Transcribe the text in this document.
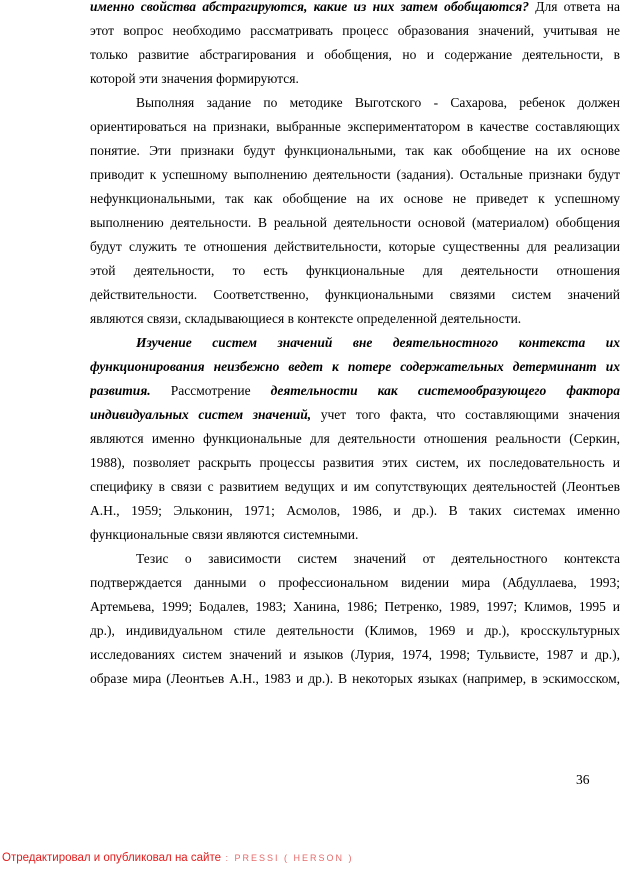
именно свойства абстрагируются, какие из них затем обобщаются? Для ответа на
этот вопрос необходимо рассматривать процесс образования значений, учитывая не
только развитие абстрагирования и обобщения, но и содержание деятельности, в
которой эти значения формируются.
Выполняя задание по методике Выготского - Сахарова, ребенок должен
ориентироваться на признаки, выбранные экспериментатором в качестве составляющих
понятие. Эти признаки будут функциональными, так как обобщение на их основе
приводит к успешному выполнению деятельности (задания). Остальные признаки будут
нефункциональными, так как обобщение на их основе не приведет к успешному
выполнению деятельности. В реальной деятельности основой (материалом) обобщения
будут служить те отношения действительности, которые существенны для реализации
этой деятельности, то есть функциональные для деятельности отношения
действительности. Соответственно, функциональными связями систем значений
являются связи, складывающиеся в контексте определенной деятельности.
Изучение систем значений вне деятельностного контекста их
функционирования неизбежно ведет к потере содержательных детерминант их
развития. Рассмотрение деятельности как системообразующего фактора
индивидуальных систем значений, учет того факта, что составляющими значения
являются именно функциональные для деятельности отношения реальности (Серкин,
1988), позволяет раскрыть процессы развития этих систем, их последовательность и
специфику в связи с развитием ведущих и им сопутствующих деятельностей (Леонтьев
А.Н., 1959; Эльконин, 1971; Асмолов, 1986, и др.). В таких системах именно
функциональные связи являются системными.
Тезис о зависимости систем значений от деятельностного контекста
подтверждается данными о профессиональном видении мира (Абдуллаева, 1993;
Артемьева, 1999; Бодалев, 1983; Ханина, 1986; Петренко, 1989, 1997; Климов, 1995 и
др.), индивидуальном стиле деятельности (Климов, 1969 и др.), кросскультурных
исследованиях систем значений и языков (Лурия, 1974, 1998; Тульвисте, 1987 и др.),
образе мира (Леонтьев А.Н., 1983 и др.). В некоторых языках (например, в эскимосском,
36
Отредактировал и опубликовал на сайте : PRESSI ( HERSON )
